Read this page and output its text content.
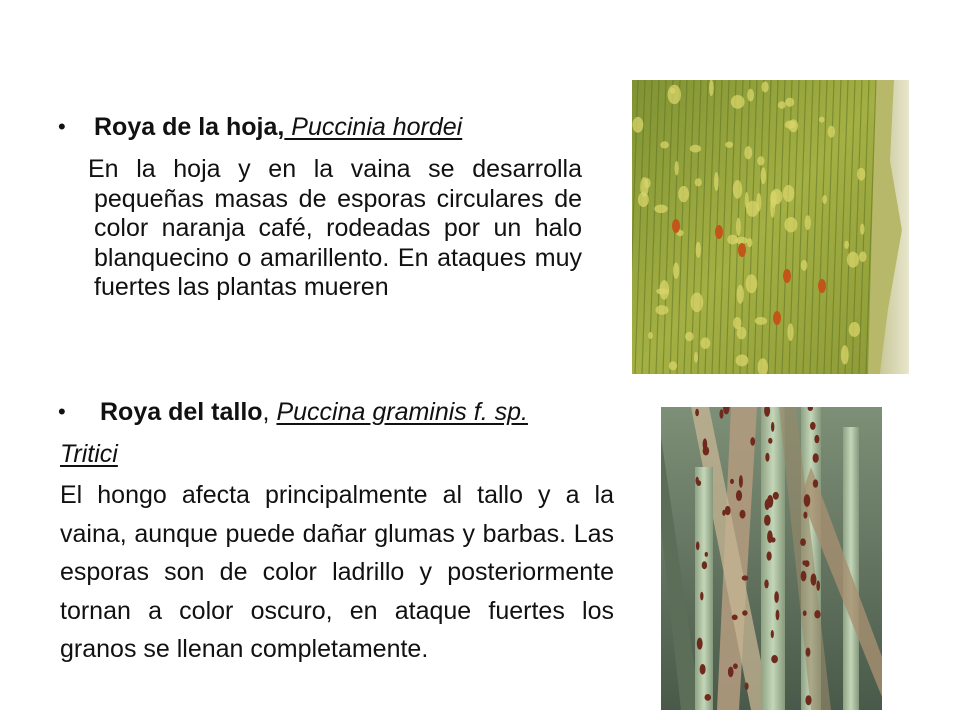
• Roya de la hoja, Puccinia hordei
En la hoja y en la vaina se desarrolla pequeñas masas de esporas circulares de color naranja café, rodeadas por un halo blanquecino o amarillento. En ataques muy fuertes las plantas mueren
• Roya del tallo, Puccina graminis f. sp.
Tritici
El hongo afecta principalmente al tallo y a la vaina, aunque puede dañar glumas y barbas. Las esporas son de color ladrillo y posteriormente tornan a color oscuro, en ataque fuertes los granos se llenan completamente.
